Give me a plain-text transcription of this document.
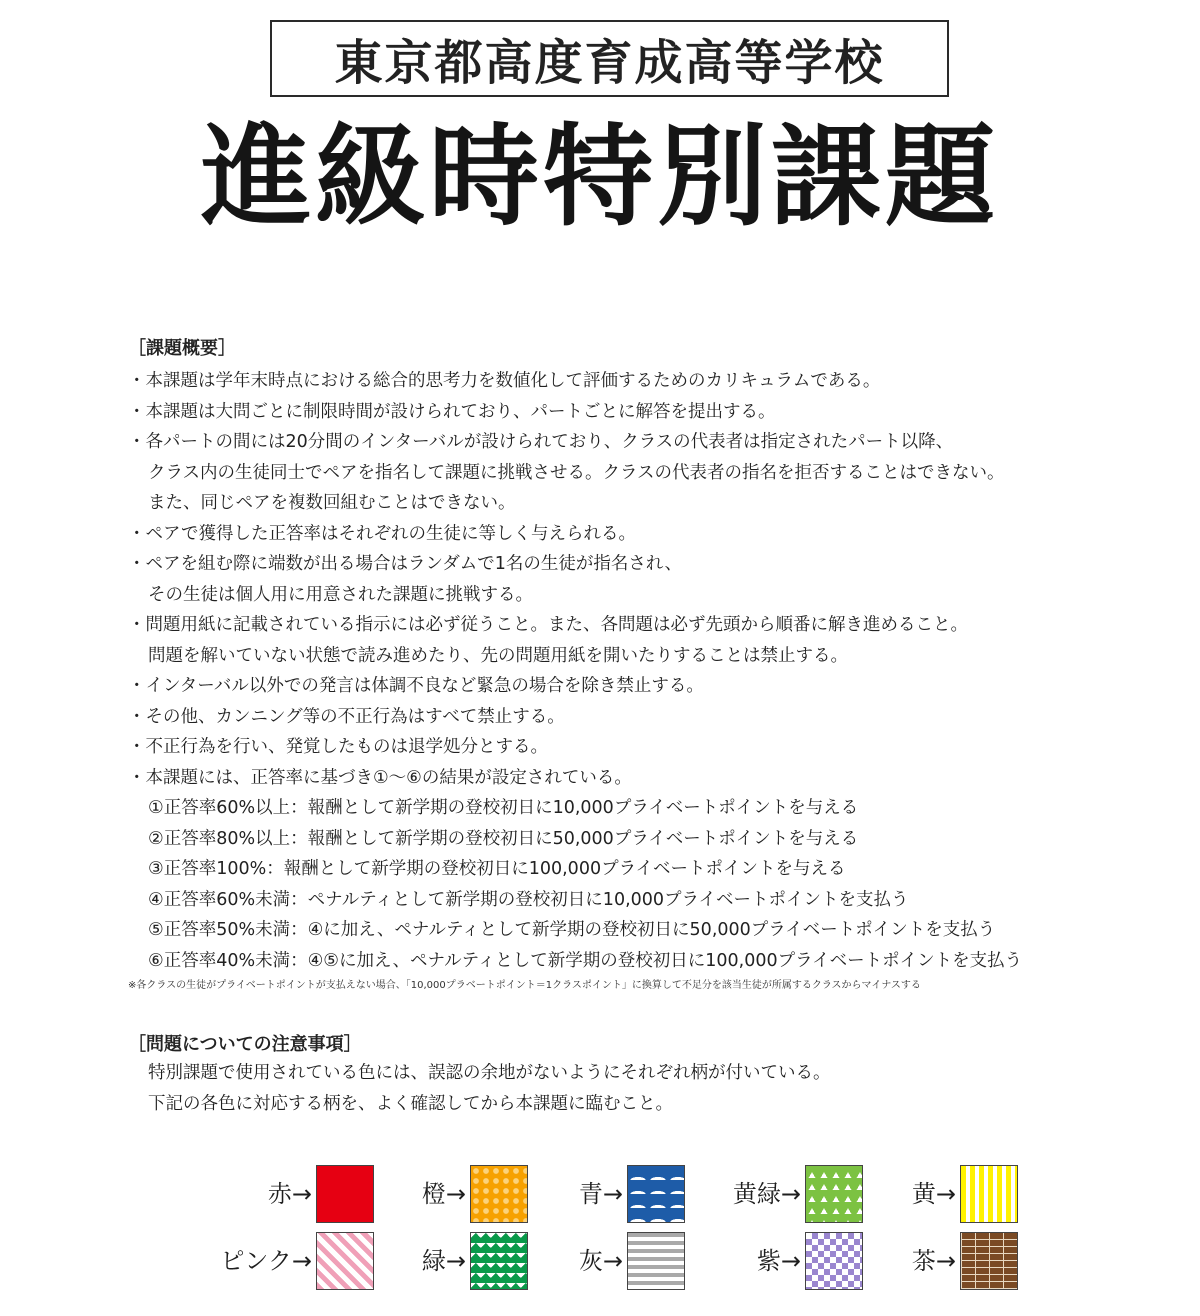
東京都高度育成高等学校
進級時特別課題
［課題概要］
・本課題は学年末時点における総合的思考力を数値化して評価するためのカリキュラムである。
・本課題は大問ごとに制限時間が設けられており、パートごとに解答を提出する。
・各パートの間には20分間のインターバルが設けられており、クラスの代表者は指定されたパート以降、
クラス内の生徒同士でペアを指名して課題に挑戦させる。クラスの代表者の指名を拒否することはできない。
また、同じペアを複数回組むことはできない。
・ペアで獲得した正答率はそれぞれの生徒に等しく与えられる。
・ペアを組む際に端数が出る場合はランダムで1名の生徒が指名され、
その生徒は個人用に用意された課題に挑戦する。
・問題用紙に記載されている指示には必ず従うこと。また、各問題は必ず先頭から順番に解き進めること。
問題を解いていない状態で読み進めたり、先の問題用紙を開いたりすることは禁止する。
・インターバル以外での発言は体調不良など緊急の場合を除き禁止する。
・その他、カンニング等の不正行為はすべて禁止する。
・不正行為を行い、発覚したものは退学処分とする。
・本課題には、正答率に基づき①～⑥の結果が設定されている。
①正答率60%以上：報酬として新学期の登校初日に10,000プライベートポイントを与える
②正答率80%以上：報酬として新学期の登校初日に50,000プライベートポイントを与える
③正答率100%：報酬として新学期の登校初日に100,000プライベートポイントを与える
④正答率60%未満：ペナルティとして新学期の登校初日に10,000プライベートポイントを支払う
⑤正答率50%未満：④に加え、ペナルティとして新学期の登校初日に50,000プライベートポイントを支払う
⑥正答率40%未満：④⑤に加え、ペナルティとして新学期の登校初日に100,000プライベートポイントを支払う
※各クラスの生徒がプライベートポイントが支払えない場合、「10,000プラベートポイント＝1クラスポイント」に換算して不足分を該当生徒が所属するクラスからマイナスする
［問題についての注意事項］
特別課題で使用されている色には、誤認の余地がないようにそれぞれ柄が付いている。
下記の各色に対応する柄を、よく確認してから本課題に臨むこと。
赤→	橙→	青→	黄緑→	黄→
ピンク→	緑→	灰→	紫→	茶→
